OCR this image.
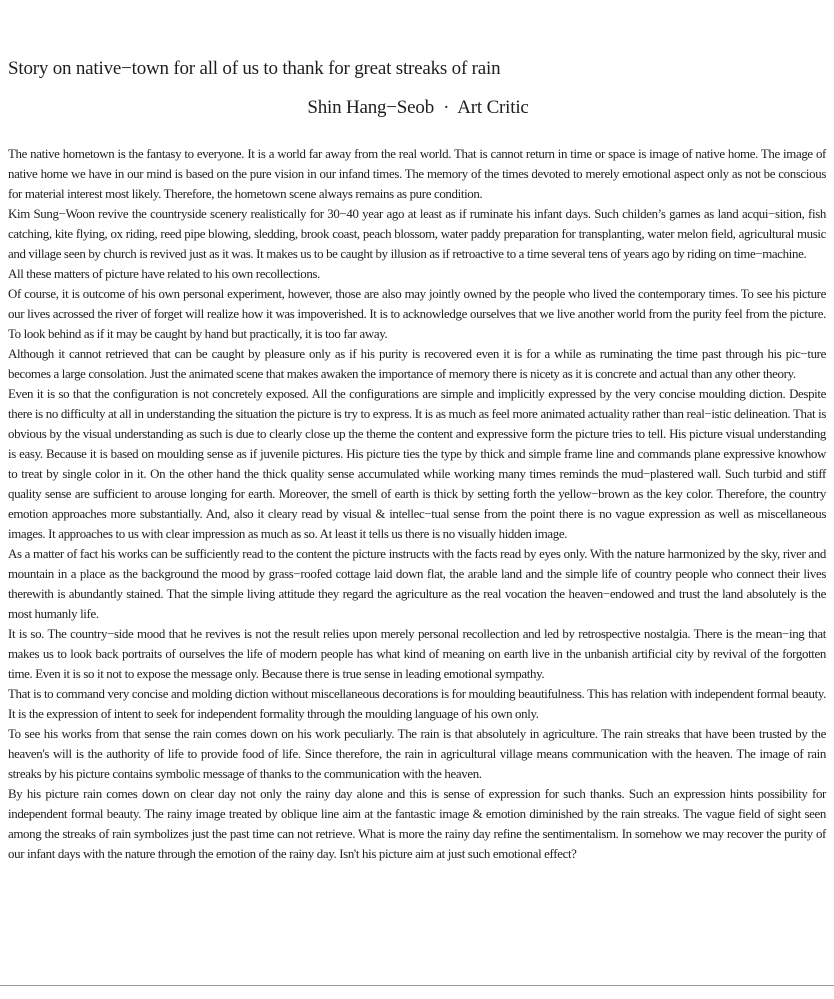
Story on native−town for all of us to thank for great streaks of rain
Shin Hang−Seob  ·  Art Critic

The native hometown is the fantasy to everyone. It is a world far away from the real world. That is cannot return in time or space is image of native home. The image of native home we have in our mind is based on the pure vision in our infand times. The memory of the times devoted to merely emotional aspect only as not be conscious for material interest most likely. Therefore, the hometown scene always remains as pure condition.

Kim Sung−Woon revive the countryside scenery realistically for 30−40 year ago at least as if ruminate his infant days. Such childen’s games as land acqui−sition, fish catching, kite flying, ox riding, reed pipe blowing, sledding, brook coast, peach blossom, water paddy preparation for transplanting, water melon field, agricultural music and village seen by church is revived just as it was. It makes us to be caught by illusion as if retroactive to a time several tens of years ago by riding on time−machine.

All these matters of picture have related to his own recollections.

Of course, it is outcome of his own personal experiment, however, those are also may jointly owned by the people who lived the contemporary times. To see his picture our lives acrossed the river of forget will realize how it was impoverished. It is to acknowledge ourselves that we live another world from the purity feel from the picture. To look behind as if it may be caught by hand but practically, it is too far away.

Although it cannot retrieved that can be caught by pleasure only as if his purity is recovered even it is for a while as ruminating the time past through his pic−ture becomes a large consolation. Just the animated scene that makes awaken the importance of memory there is nicety as it is concrete and actual than any other theory.

Even it is so that the configuration is not concretely exposed. All the configurations are simple and implicitly expressed by the very concise moulding diction. Despite there is no difficulty at all in understanding the situation the picture is try to express. It is as much as feel more animated actuality rather than real−istic delineation. That is obvious by the visual understanding as such is due to clearly close up the theme the content and expressive form the picture tries to tell. His picture visual understanding is easy. Because it is based on moulding sense as if juvenile pictures. His picture ties the type by thick and simple frame line and commands plane expressive knowhow to treat by single color in it. On the other hand the thick quality sense accumulated while working many times reminds the mud−plastered wall. Such turbid and stiff quality sense are sufficient to arouse longing for earth. Moreover, the smell of earth is thick by setting forth the yellow−brown as the key color. Therefore, the country emotion approaches more substantially. And, also it cleary read by visual & intellec−tual sense from the point there is no vague expression as well as miscellaneous images. It approaches to us with clear impression as much as so. At least it tells us there is no visually hidden image.

As a matter of fact his works can be sufficiently read to the content the picture instructs with the facts read by eyes only. With the nature harmonized by the sky, river and mountain in a place as the background the mood by grass−roofed cottage laid down flat, the arable land and the simple life of country people who connect their lives therewith is abundantly stained. That the simple living attitude they regard the agriculture as the real vocation the heaven−endowed and trust the land absolutely is the most humanly life.

It is so. The country−side mood that he revives is not the result relies upon merely personal recollection and led by retrospective nostalgia. There is the mean−ing that makes us to look back portraits of ourselves the life of modern people has what kind of meaning on earth live in the unbanish artificial city by revival of the forgotten time. Even it is so it not to expose the message only. Because there is true sense in leading emotional sympathy.

That is to command very concise and molding diction without miscellaneous decorations is for moulding beautifulness. This has relation with independent formal beauty. It is the expression of intent to seek for independent formality through the moulding language of his own only.

To see his works from that sense the rain comes down on his work peculiarly. The rain is that absolutely in agriculture. The rain streaks that have been trusted by the heaven's will is the authority of life to provide food of life. Since therefore, the rain in agricultural village means communication with the heaven. The image of rain streaks by his picture contains symbolic message of thanks to the communication with the heaven.

By his picture rain comes down on clear day not only the rainy day alone and this is sense of expression for such thanks. Such an expression hints possibility for independent formal beauty. The rainy image treated by oblique line aim at the fantastic image & emotion diminished by the rain streaks. The vague field of sight seen among the streaks of rain symbolizes just the past time can not retrieve. What is more the rainy day refine the sentimentalism. In somehow we may recover the purity of our infant days with the nature through the emotion of the rainy day. Isn't his picture aim at just such emotional effect?
